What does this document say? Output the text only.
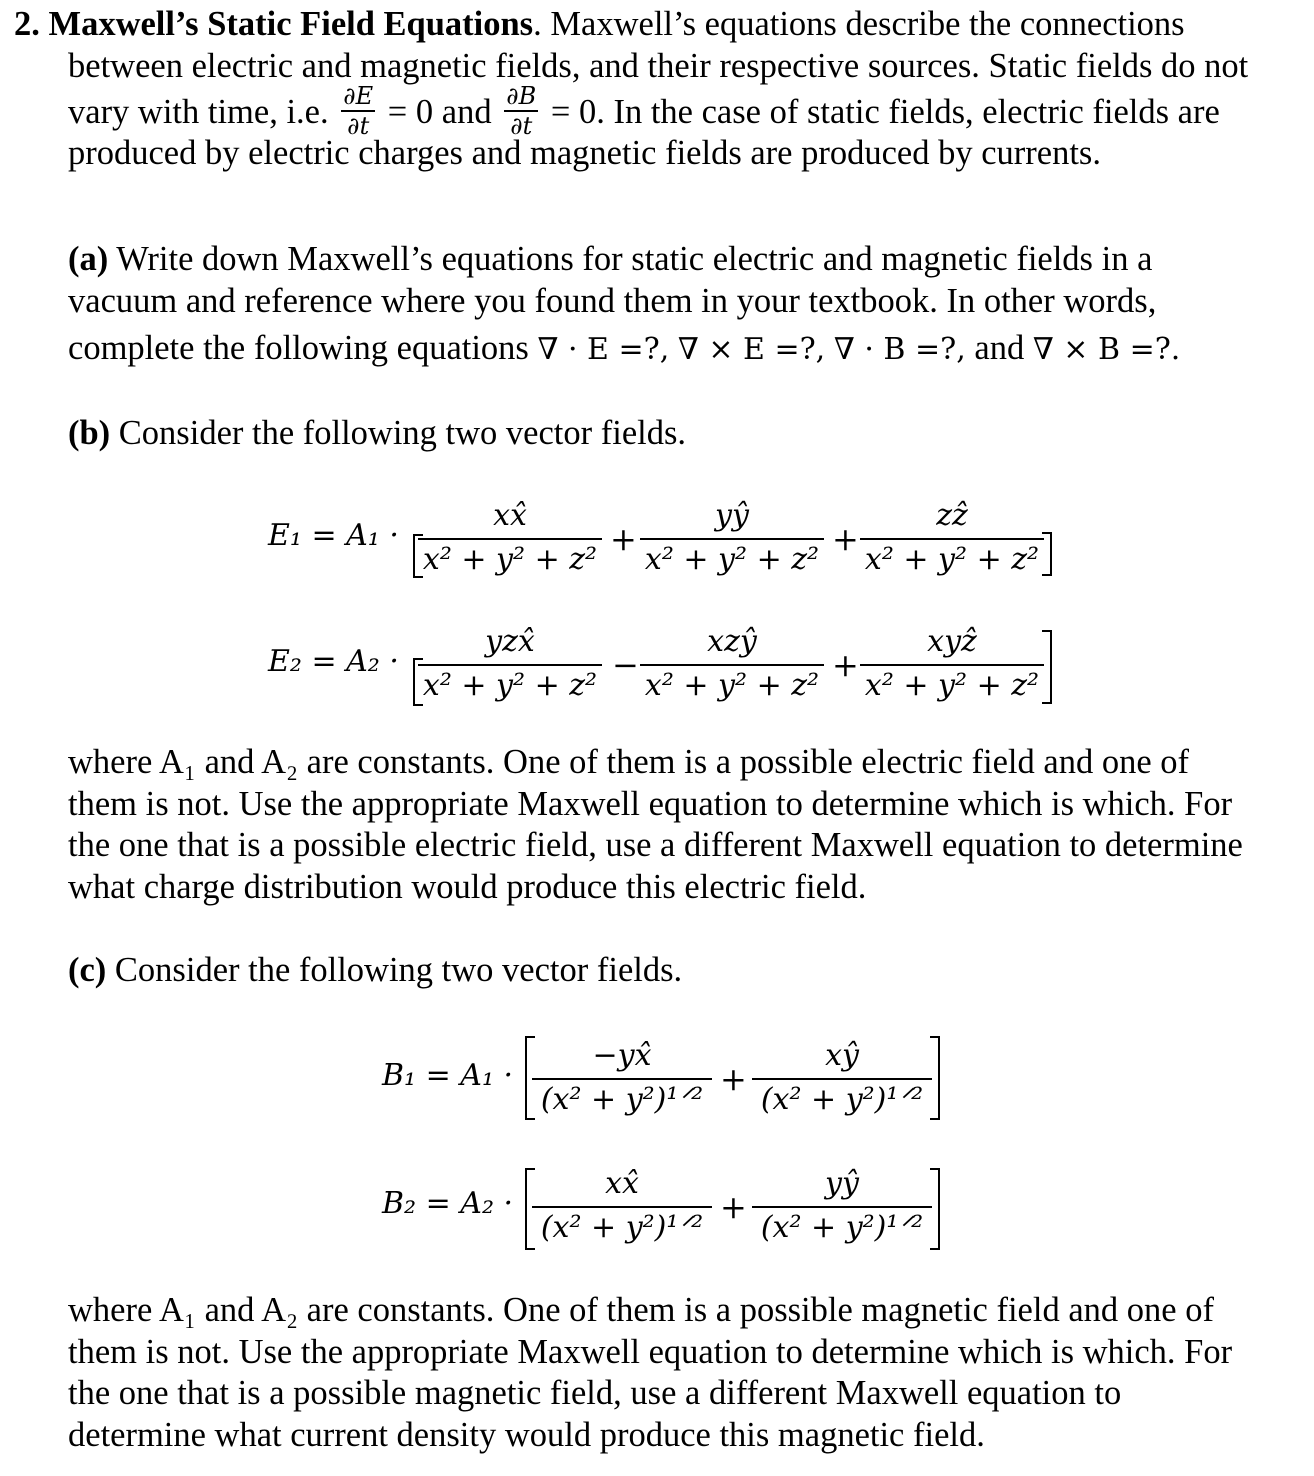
2. Maxwell’s Static Field Equations. Maxwell’s equations describe the connections
between electric and magnetic fields, and their respective sources. Static fields do not
vary with time, i.e. $\frac{\partial E}{\partial t} = 0$ and $\frac{\partial B}{\partial t} = 0$. In the case of static fields, electric fields are
produced by electric charges and magnetic fields are produced by currents.
(a) Write down Maxwell’s equations for static electric and magnetic fields in a
vacuum and reference where you found them in your textbook. In other words,
complete the following equations ∇ · E =?, ∇ × E =?, ∇ · B =?, and ∇ × B =?.
(b) Consider the following two vector fields.
$E_1 = A_1 \cdot \frac{xx̂}{\text{x² + y² + z²}} + \frac{yŷ}{\text{x² + y² + z²}} + \frac{\text{zẑ}}{\text{x² + y² + z²}}$
E₂ = A₂ ·
yzx̂
x² + y² + z²
−
xzŷ
x² + y² + z²
+
xyẑ
x² + y² + z²
where A₁ and A₂ are constants. One of them is a possible electric field and one of
them is not. Use the appropriate Maxwell equation to determine which is which. For
the one that is a possible electric field, use a different Maxwell equation to determine
what charge distribution would produce this electric field.
(c) Consider the following two vector fields.
B₁ = A₁ ·
−yx̂
(x² + y²)¹ᐟ²
+
xŷ
(x² + y²)¹ᐟ²
B₂ = A₂ ·
xx̂
(x² + y²)¹ᐟ²
+
yŷ
(x² + y²)¹ᐟ²
where A₁ and A₂ are constants. One of them is a possible magnetic field and one of
them is not. Use the appropriate Maxwell equation to determine which is which. For
the one that is a possible magnetic field, use a different Maxwell equation to
determine what current density would produce this magnetic field.
